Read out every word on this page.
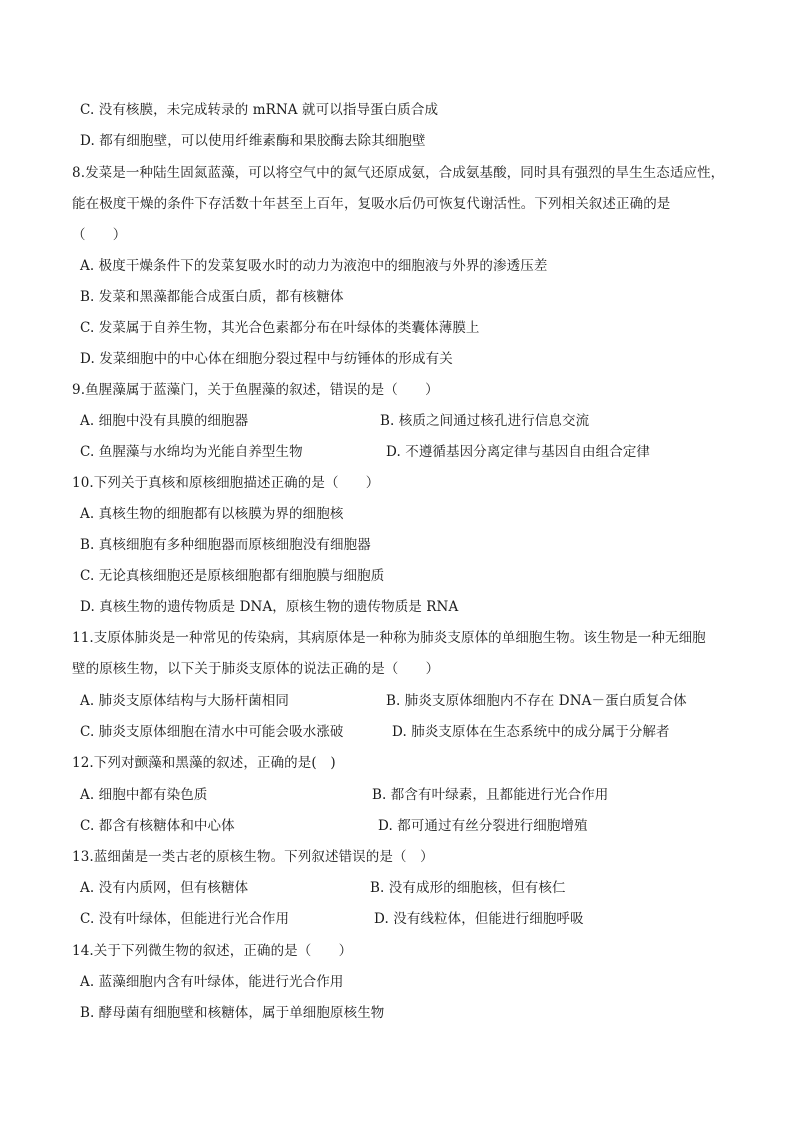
C. 没有核膜，未完成转录的 mRNA 就可以指导蛋白质合成
D. 都有细胞壁，可以使用纤维素酶和果胶酶去除其细胞壁
8.发菜是一种陆生固氮蓝藻，可以将空气中的氮气还原成氨，合成氨基酸，同时具有强烈的旱生生态适应性，
能在极度干燥的条件下存活数十年甚至上百年，复吸水后仍可恢复代谢活性。下列相关叙述正确的是
（　　）
A. 极度干燥条件下的发菜复吸水时的动力为液泡中的细胞液与外界的渗透压差
B. 发菜和黑藻都能合成蛋白质，都有核糖体
C. 发菜属于自养生物，其光合色素都分布在叶绿体的类囊体薄膜上
D. 发菜细胞中的中心体在细胞分裂过程中与纺锤体的形成有关
9.鱼腥藻属于蓝藻门，关于鱼腥藻的叙述，错误的是（　　）
A. 细胞中没有具膜的细胞器	B. 核质之间通过核孔进行信息交流
C. 鱼腥藻与水绵均为光能自养型生物	D. 不遵循基因分离定律与基因自由组合定律
10.下列关于真核和原核细胞描述正确的是（　　）
A. 真核生物的细胞都有以核膜为界的细胞核
B. 真核细胞有多种细胞器而原核细胞没有细胞器
C. 无论真核细胞还是原核细胞都有细胞膜与细胞质
D. 真核生物的遗传物质是 DNA，原核生物的遗传物质是 RNA
11.支原体肺炎是一种常见的传染病，其病原体是一种称为肺炎支原体的单细胞生物。该生物是一种无细胞
壁的原核生物，以下关于肺炎支原体的说法正确的是（　　）
A. 肺炎支原体结构与大肠杆菌相同	B. 肺炎支原体细胞内不存在 DNA－蛋白质复合体
C. 肺炎支原体细胞在清水中可能会吸水涨破	D. 肺炎支原体在生态系统中的成分属于分解者
12.下列对颤藻和黑藻的叙述，正确的是(　)
A. 细胞中都有染色质	B. 都含有叶绿素，且都能进行光合作用
C. 都含有核糖体和中心体	D. 都可通过有丝分裂进行细胞增殖
13.蓝细菌是一类古老的原核生物。下列叙述错误的是（　）
A. 没有内质网，但有核糖体	B. 没有成形的细胞核，但有核仁
C. 没有叶绿体，但能进行光合作用	D. 没有线粒体，但能进行细胞呼吸
14.关于下列微生物的叙述，正确的是（　　）
A. 蓝藻细胞内含有叶绿体，能进行光合作用
B. 酵母菌有细胞壁和核糖体，属于单细胞原核生物
